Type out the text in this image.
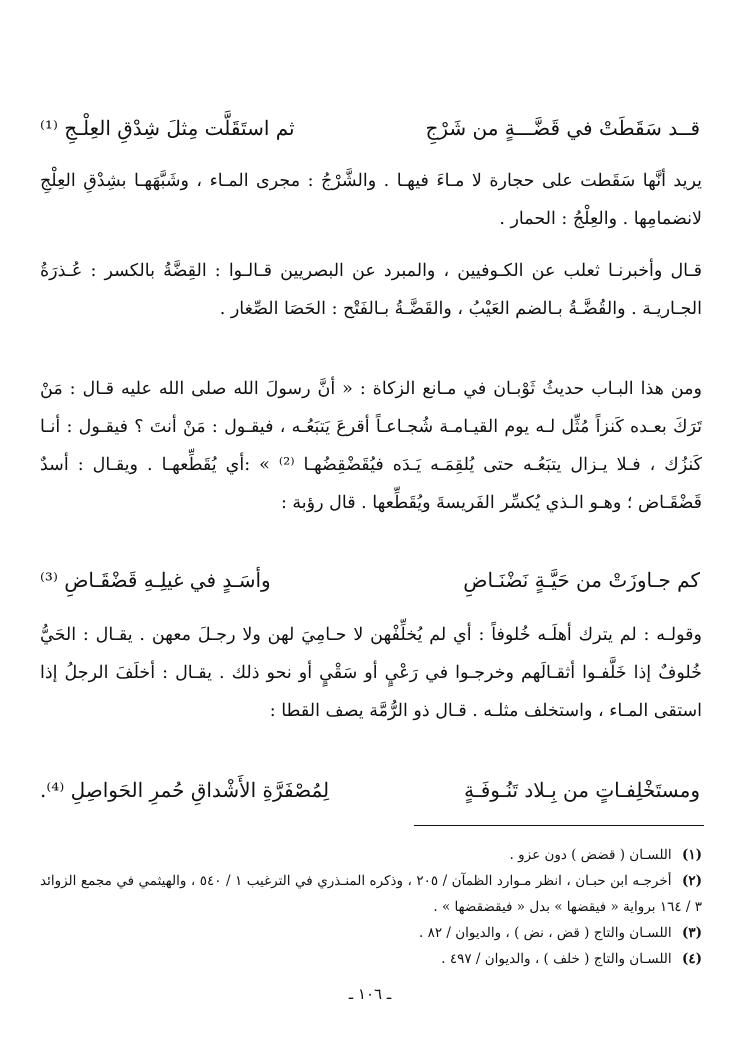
قــد سَقَطَتْ في قَضَّـــةٍ من شَرْجِ
ثم استَقَلَّت مِثلَ شِدْقِ العِلْـجِ ⁽¹⁾

يريد أنَّها سَقَطت على حجارة لا مـاءَ فيهـا . والشَّرْجُ : مجرى المـاء ، وشَبَّهَهـا بشِدْقِ العِلْجِ لانضمامِها . والعِلْجُ : الحمار .

قـال وأخبرنـا ثعلب عن الكـوفيين ، والمبرد عن البصريين قـالـوا : القِضَّةُ بالكسر : عُـذرَةُ الجـاريـة . والقُضَّـةُ بـالضم العَيْبُ ، والقَضَّـةُ بـالفَتْح : الحَصَا الصِّغار .

ومن هذا البـاب حديثُ ثَوْبـان في مـانع الزكاة : « أنَّ رسولَ الله صلى الله عليه قـال : مَنْ تَرَكَ بعـده كَنزاً مُثِّل لـه يوم القيـامـة شُجـاعـاً أقرعَ يَتبَعُـه ، فيقـول : مَنْ أنتَ ؟ فيقـول : أنـا كَنزُك ، فـلا يـزال يتبَعُـه حتى يُلقِمَـه يَـدَه فيُقَضْقِضُهـا ⁽²⁾ » :أي يُقَطِّعهـا . ويقـال : أسدٌ قَضْقَـاض ؛ وهـو الـذي يُكسِّر الفَريسةَ ويُقَطِّعها . قال رؤبة :

كم جـاوزَتْ من حَيَّـةٍ نَضْنَـاضِ
وأسَـدٍ في غيلِـهِ قَضْقَـاضِ ⁽³⁾

وقولـه : لم يترك أهلَـه خُلوفاً : أي لم يُخلِّفْهن لا حـامِيَ لهن ولا رجـلَ معهن . يقـال : الحَيُّ خُلوفٌ إذا خَلَّفـوا أثقـالَهم وخرجـوا في رَعْيٍ أو سَقْيٍ أو نحو ذلك . يقـال : أخلَفَ الرجلُ إذا استقى المـاء ، واستخلف مثلـه . قـال ذو الرُّمَّة يصف القطا :

ومستَخْلِفـاتٍ من بِـلاد تَنُـوفَـةٍ
لِمُصْفَرَّةِ الأَشْداقِ حُمرِ الحَواصِلِ ⁽⁴⁾.
(١) اللسـان ( قضض ) دون عزو .
(٢) أخرجـه ابن حبـان ، انظر مـوارد الظمآن / ٢٠٥ ، وذكره المنـذري في الترغيب ١ / ٥٤٠ ، والهيثمي في مجمع الزوائد ٣ / ١٦٤ برواية « فيقضها » بدل « فيقضقضها » .
(٣) اللسـان والتاج ( قض ، نض ) ، والديوان / ٨٢ .
(٤) اللسـان والتاج ( خلف ) ، والديوان / ٤٩٧ .
ـ ١٠٦ ـ
